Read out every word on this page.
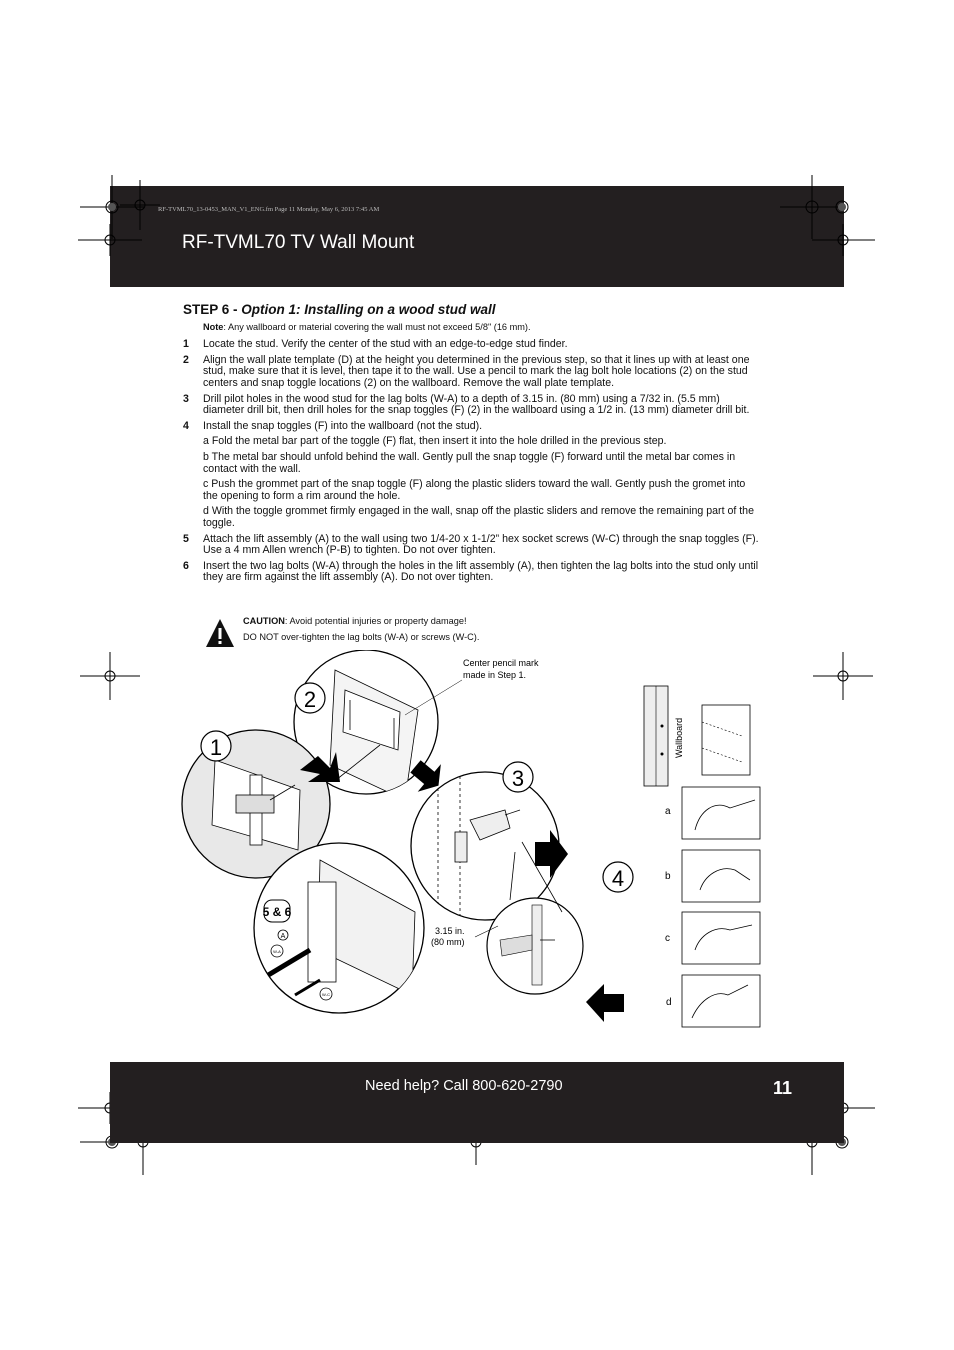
RF-TVML70_13-0453_MAN_V1_ENG.fm Page 11 Monday, May 6, 2013 7:45 AM
RF-TVML70 TV Wall Mount
STEP 6 - Option 1: Installing on a wood stud wall
Note: Any wallboard or material covering the wall must not exceed 5/8" (16 mm).
1	Locate the stud. Verify the center of the stud with an edge-to-edge stud finder.
2	Align the wall plate template (D) at the height you determined in the previous step, so that it lines up with at least one stud, make sure that it is level, then tape it to the wall. Use a pencil to mark the lag bolt hole locations (2) on the stud centers and snap toggle locations (2) on the wallboard. Remove the wall plate template.
3	Drill pilot holes in the wood stud for the lag bolts (W-A) to a depth of 3.15 in. (80 mm) using a 7/32 in. (5.5 mm) diameter drill bit, then drill holes for the snap toggles (F) (2) in the wallboard using a 1/2 in. (13 mm) diameter drill bit.
4	Install the snap toggles (F) into the wallboard (not the stud).
a Fold the metal bar part of the toggle (F) flat, then insert it into the hole drilled in the previous step.
b The metal bar should unfold behind the wall. Gently pull the snap toggle (F) forward until the metal bar comes in contact with the wall.
c Push the grommet part of the snap toggle (F) along the plastic sliders toward the wall. Gently push the gromet into the opening to form a rim around the hole.
d With the toggle grommet firmly engaged in the wall, snap off the plastic sliders and remove the remaining part of the toggle.
5	Attach the lift assembly (A) to the wall using two 1/4-20 x 1-1/2” hex socket screws (W-C) through the snap toggles (F). Use a 4 mm Allen wrench (P-B) to tighten. Do not over tighten.
6	Insert the two lag bolts (W-A) through the holes in the lift assembly (A), then tighten the lag bolts into the stud only until they are firm against the lift assembly (A). Do not over tighten.
CAUTION: Avoid potential injuries or property damage!
DO NOT over-tighten the lag bolts (W-A) or screws (W-C).
2
1
3
3.15 in.
(80 mm)
5 & 6
A
W-A
W-C
Center pencil mark
made in Step 1.
4
Wallboard
a
b
c
d
Need help? Call 800-620-2790	11
